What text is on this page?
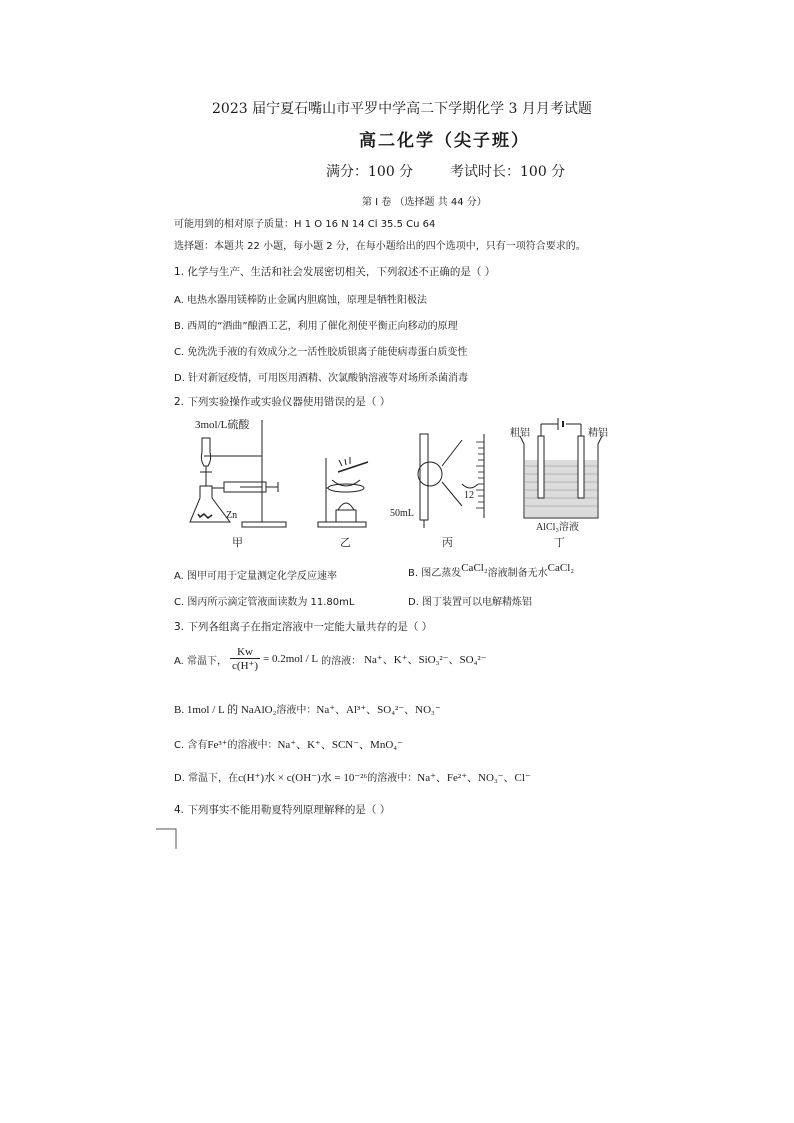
2023 届宁夏石嘴山市平罗中学高二下学期化学 3 月月考试题
高二化学（尖子班）
满分：100 分	考试时长：100 分
第 I 卷 （选择题 共 44 分）
可能用到的相对原子质量：H 1 O 16 N 14 Cl 35.5 Cu 64
选择题：本题共 22 小题，每小题 2 分，在每小题给出的四个选项中，只有一项符合要求的。
1. 化学与生产、生活和社会发展密切相关，下列叙述不正确的是（ ）
A. 电热水器用镁棒防止金属内胆腐蚀，原理是牺牲阳极法
B. 西周的“酒曲”酿酒工艺，利用了催化剂使平衡正向移动的原理
C. 免洗洗手液的有效成分之一活性胶质银离子能使病毒蛋白质变性
D. 针对新冠疫情，可用医用酒精、次氯酸钠溶液等对场所杀菌消毒
2. 下列实验操作或实验仪器使用错误的是（ ）
3mol/L硫酸
Zn
甲	乙
50mL
12
丙
粗铝	精铝
AlCl₃溶液
丁
A. 图甲可用于定量测定化学反应速率	B. 图乙蒸发CaCl₂溶液制备无水CaCl₂
C. 图丙所示滴定管液面读数为 11.80mL	D. 图丁装置可以电解精炼铝
3. 下列各组离子在指定溶液中一定能大量共存的是（ ）
A. 常温下， $\frac{Kw}{c(H^+)} = 0.2mol / L$ 的溶液： Na⁺、K⁺、SiO₃²⁻、SO₄²⁻
B. 1mol / L 的 NaAlO₂溶液中：Na⁺、Al³⁺、SO₄²⁻、NO₃⁻
C. 含有Fe³⁺的溶液中：Na⁺、K⁺、SCN⁻、MnO₄⁻
D. 常温下，在c(H⁺)水 × c(OH⁻)水 = 10⁻²⁶的溶液中：Na⁺、Fe²⁺、NO₃⁻、Cl⁻
4. 下列事实不能用勒夏特列原理解释的是（ ）
